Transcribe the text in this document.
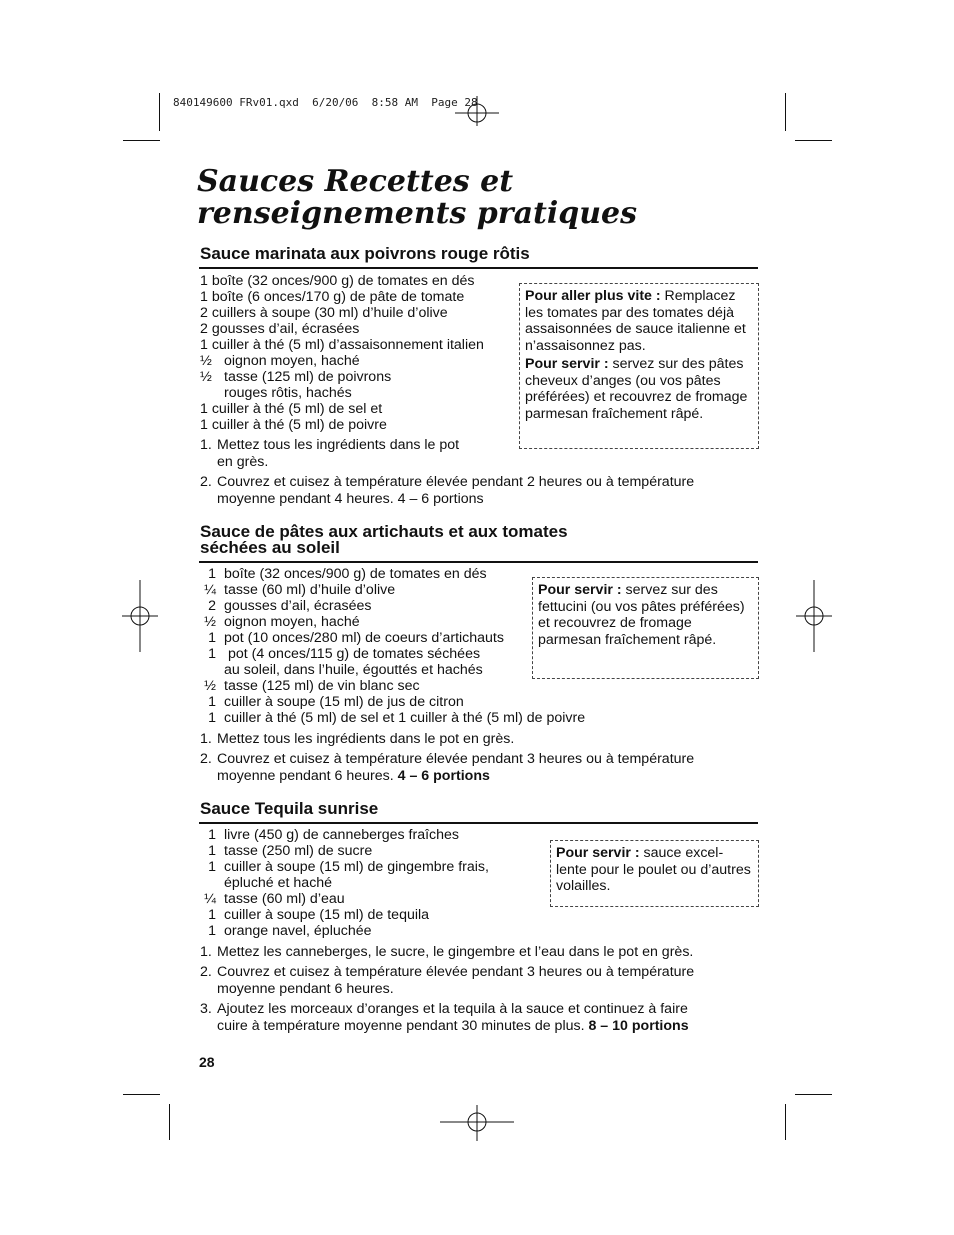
840149600 FRv01.qxd  6/20/06  8:58 AM  Page 28
Sauces Recettes et
renseignements pratiques
Sauce marinata aux poivrons rouge rôtis
1 boîte (32 onces/900 g) de tomates en dés
1 boîte (6 onces/170 g) de pâte de tomate
2 cuillers à soupe (30 ml) d’huile d’olive
2 gousses d’ail, écrasées
1 cuiller à thé (5 ml) d’assaisonnement italien
½ oignon moyen, haché
½ tasse (125 ml) de poivrons
rouges rôtis, hachés
1 cuiller à thé (5 ml) de sel et
1 cuiller à thé (5 ml) de poivre
1. Mettez tous les ingrédients dans le pot
en grès.
2. Couvrez et cuisez à température élevée pendant 2 heures ou à température
moyenne pendant 4 heures. 4 – 6 portions
Pour aller plus vite : Remplacez les tomates par des tomates déjà assaisonnées de sauce italienne et n’assaisonnez pas.
Pour servir : servez sur des pâtes cheveux d’anges (ou vos pâtes préférées) et recouvrez de fromage parmesan fraîchement râpé.
Sauce de pâtes aux artichauts et aux tomates
séchées au soleil
1 boîte (32 onces/900 g) de tomates en dés
¼ tasse (60 ml) d’huile d’olive
2 gousses d’ail, écrasées
½ oignon moyen, haché
1 pot (10 onces/280 ml) de coeurs d’artichauts
1 pot (4 onces/115 g) de tomates séchées
au soleil, dans l’huile, égouttés et hachés
½ tasse (125 ml) de vin blanc sec
1 cuiller à soupe (15 ml) de jus de citron
1 cuiller à thé (5 ml) de sel et 1 cuiller à thé (5 ml) de poivre
1. Mettez tous les ingrédients dans le pot en grès.
2. Couvrez et cuisez à température élevée pendant 3 heures ou à température
moyenne pendant 6 heures. 4 – 6 portions
Pour servir : servez sur des fettucini (ou vos pâtes préférées) et recouvrez de fromage parmesan fraîchement râpé.
Sauce Tequila sunrise
1 livre (450 g) de canneberges fraîches
1 tasse (250 ml) de sucre
1 cuiller à soupe (15 ml) de gingembre frais,
épluché et haché
¼ tasse (60 ml) d’eau
1 cuiller à soupe (15 ml) de tequila
1 orange navel, épluchée
1. Mettez les canneberges, le sucre, le gingembre et l’eau dans le pot en grès.
2. Couvrez et cuisez à température élevée pendant 3 heures ou à température
moyenne pendant 6 heures.
3. Ajoutez les morceaux d’oranges et la tequila à la sauce et continuez à faire
cuire à température moyenne pendant 30 minutes de plus. 8 – 10 portions
Pour servir : sauce excel-lente pour le poulet ou d’autres volailles.
28
